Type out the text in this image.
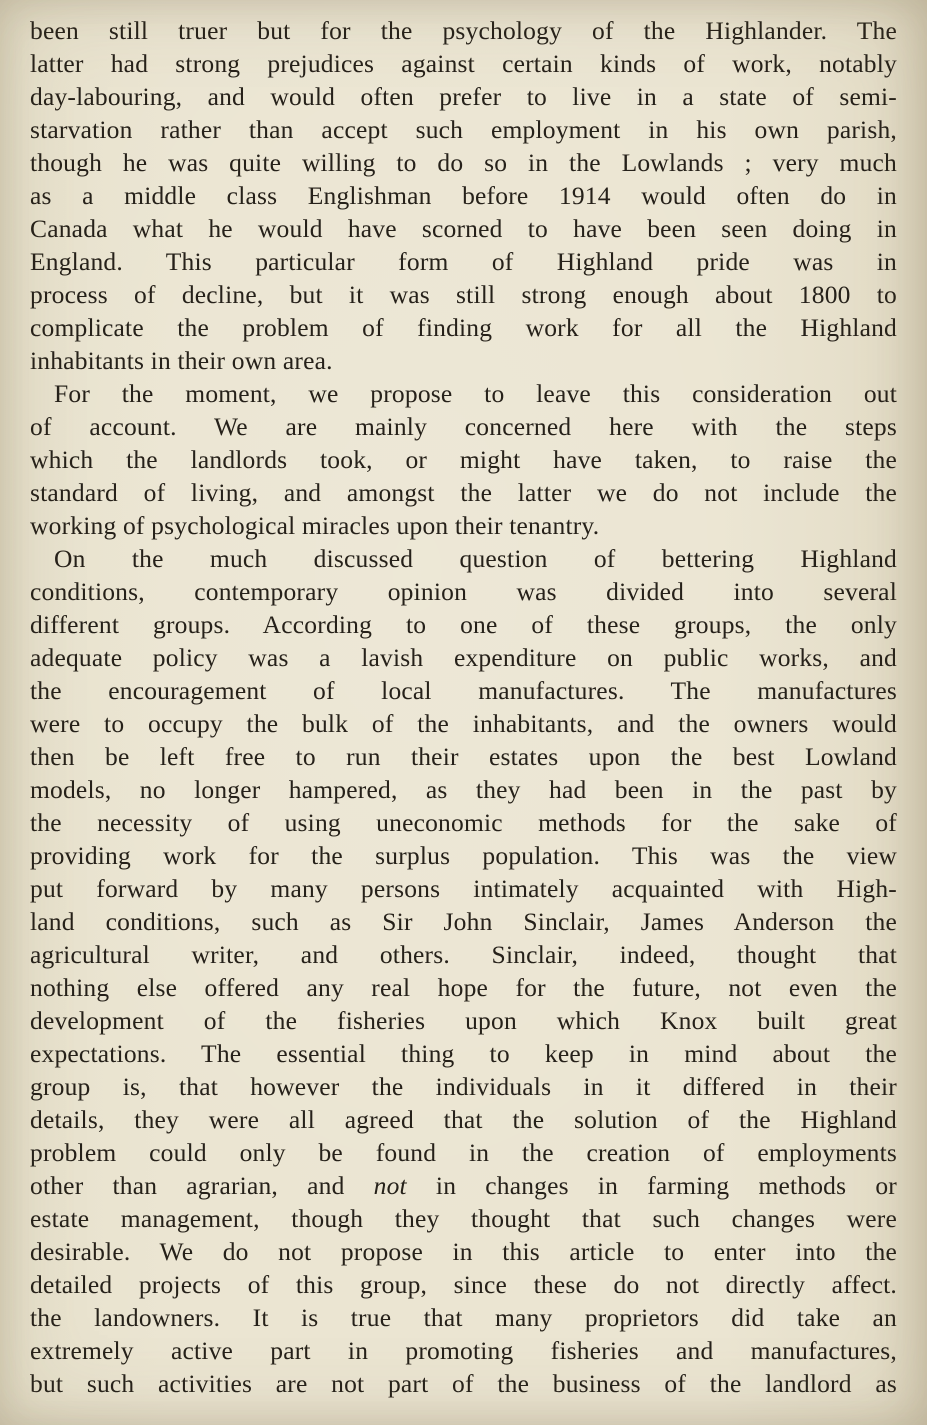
been still truer but for the psychology of the Highlander. The
latter had strong prejudices against certain kinds of work, notably
day-labouring, and would often prefer to live in a state of semi-
starvation rather than accept such employment in his own parish,
though he was quite willing to do so in the Lowlands ; very much
as a middle class Englishman before 1914 would often do in
Canada what he would have scorned to have been seen doing in
England. This particular form of Highland pride was in
process of decline, but it was still strong enough about 1800 to
complicate the problem of finding work for all the Highland
inhabitants in their own area.
For the moment, we propose to leave this consideration out
of account. We are mainly concerned here with the steps
which the landlords took, or might have taken, to raise the
standard of living, and amongst the latter we do not include the
working of psychological miracles upon their tenantry.
On the much discussed question of bettering Highland
conditions, contemporary opinion was divided into several
different groups. According to one of these groups, the only
adequate policy was a lavish expenditure on public works, and
the encouragement of local manufactures. The manufactures
were to occupy the bulk of the inhabitants, and the owners would
then be left free to run their estates upon the best Lowland
models, no longer hampered, as they had been in the past by
the necessity of using uneconomic methods for the sake of
providing work for the surplus population. This was the view
put forward by many persons intimately acquainted with High-
land conditions, such as Sir John Sinclair, James Anderson the
agricultural writer, and others. Sinclair, indeed, thought that
nothing else offered any real hope for the future, not even the
development of the fisheries upon which Knox built great
expectations. The essential thing to keep in mind about the
group is, that however the individuals in it differed in their
details, they were all agreed that the solution of the Highland
problem could only be found in the creation of employments
other than agrarian, and not in changes in farming methods or
estate management, though they thought that such changes were
desirable. We do not propose in this article to enter into the
detailed projects of this group, since these do not directly affect.
the landowners. It is true that many proprietors did take an
extremely active part in promoting fisheries and manufactures,
but such activities are not part of the business of the landlord as
